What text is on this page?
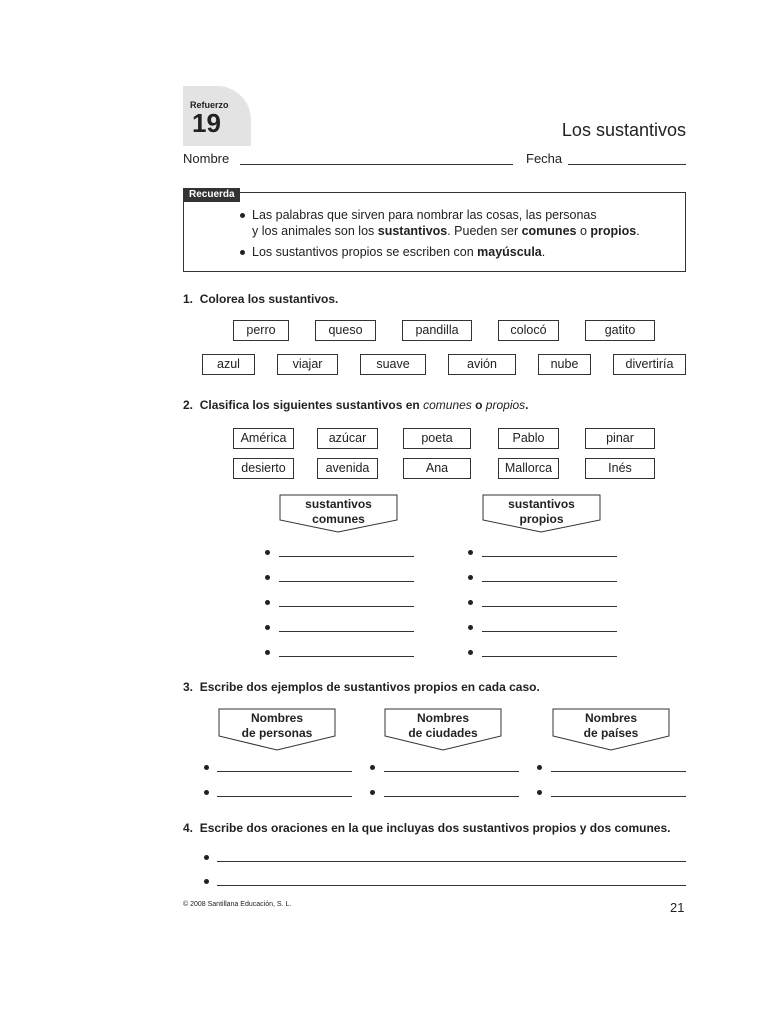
Refuerzo
19	Los sustantivos
Nombre	Fecha
Recuerda
Las palabras que sirven para nombrar las cosas, las personas
y los animales son los sustantivos. Pueden ser comunes o propios.
Los sustantivos propios se escriben con mayúscula.
1. Colorea los sustantivos.
perro	queso	pandilla	colocó	gatito
azul	viajar	suave	avión	nube	divertiría
2. Clasifica los siguientes sustantivos en comunes o propios.
América	azúcar	poeta	Pablo	pinar
desierto	avenida	Ana	Mallorca	Inés
sustantivos
comunes
sustantivos
propios
3. Escribe dos ejemplos de sustantivos propios en cada caso.
Nombres
de personas
Nombres
de ciudades
Nombres
de países
4. Escribe dos oraciones en la que incluyas dos sustantivos propios y dos comunes.
© 2008 Santillana Educación, S. L.	21
